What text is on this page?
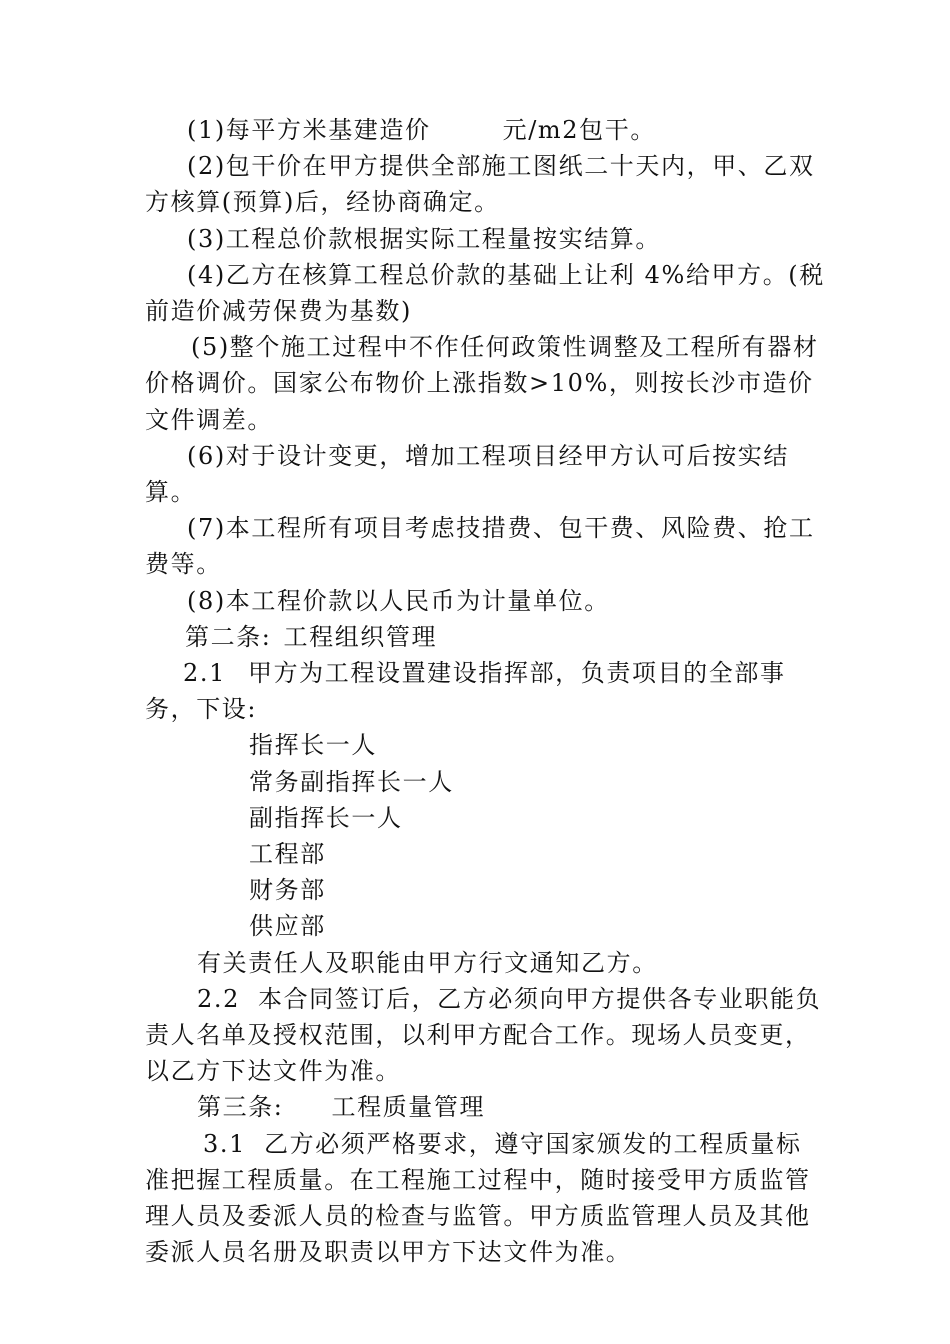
(1)每平方米基建造价	元/m2包干。

(2)包干价在甲方提供全部施工图纸二十天内，甲、乙双方核算(预算)后，经协商确定。

(3)工程总价款根据实际工程量按实结算。

(4)乙方在核算工程总价款的基础上让利 4%给甲方。(税前造价减劳保费为基数)

(5)整个施工过程中不作任何政策性调整及工程所有器材价格调价。国家公布物价上涨指数>10%，则按长沙市造价文件调差。

(6)对于设计变更，增加工程项目经甲方认可后按实结算。

(7)本工程所有项目考虑技措费、包干费、风险费、抢工费等。

(8)本工程价款以人民币为计量单位。

第二条: 工程组织管理

2.1 甲方为工程设置建设指挥部，负责项目的全部事务，下设:

指挥长一人

常务副指挥长一人

副指挥长一人

工程部

财务部

供应部

有关责任人及职能由甲方行文通知乙方。

2.2 本合同签订后，乙方必须向甲方提供各专业职能负责人名单及授权范围，以利甲方配合工作。现场人员变更，以乙方下达文件为准。

第三条: 工程质量管理

3.1 乙方必须严格要求，遵守国家颁发的工程质量标准把握工程质量。在工程施工过程中，随时接受甲方质监管理人员及委派人员的检查与监管。甲方质监管理人员及其他委派人员名册及职责以甲方下达文件为准。
